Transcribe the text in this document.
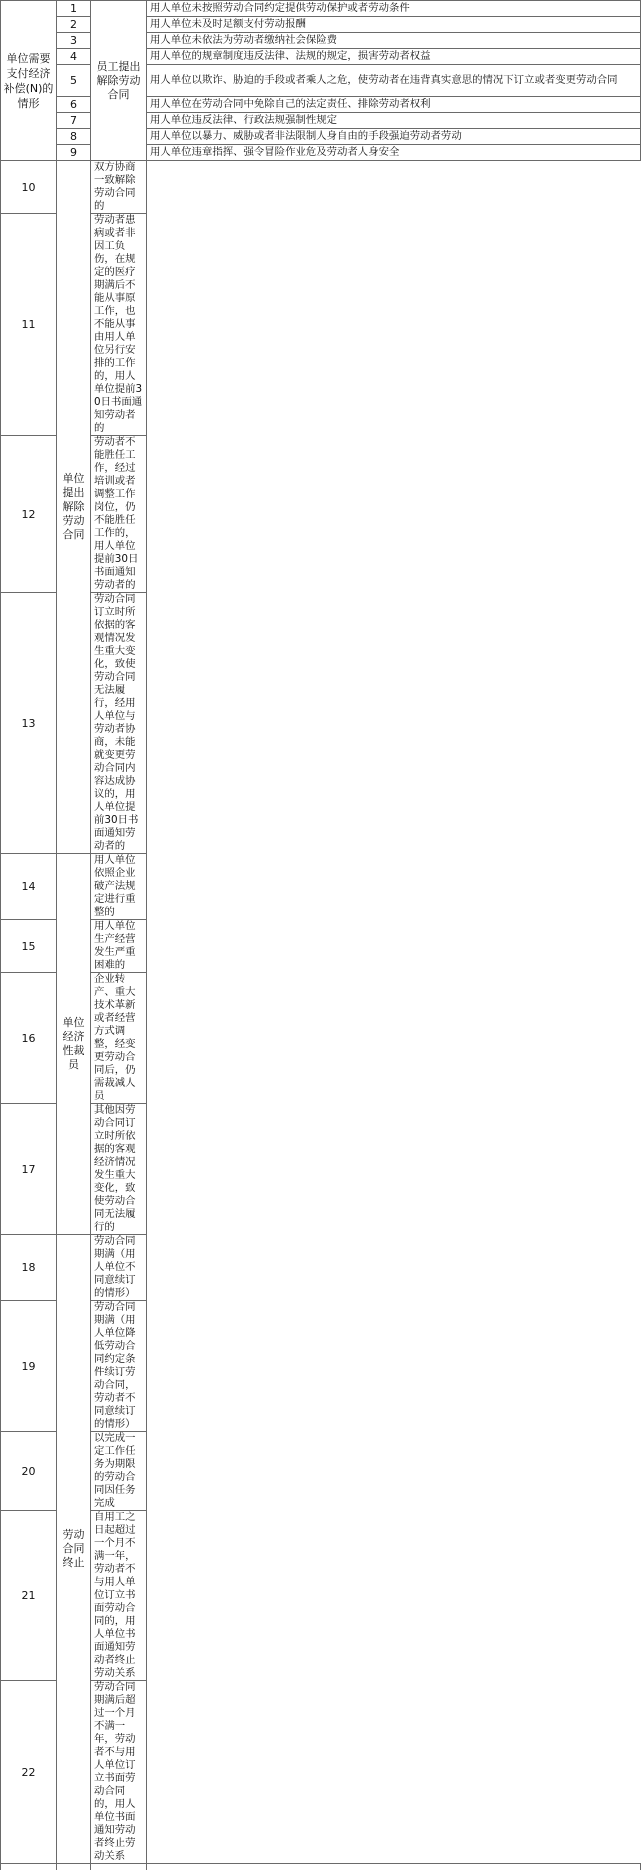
单位需要支付经济补偿(N)的情形	1	员工提出解除劳动合同	用人单位未按照劳动合同约定提供劳动保护或者劳动条件
	2		用人单位未及时足额支付劳动报酬
	3		用人单位未依法为劳动者缴纳社会保险费
	4		用人单位的规章制度违反法律、法规的规定，损害劳动者权益
	5		用人单位以欺诈、胁迫的手段或者乘人之危，使劳动者在违背真实意思的情况下订立或者变更劳动合同
	6		用人单位在劳动合同中免除自己的法定责任、排除劳动者权利
	7		用人单位违反法律、行政法规强制性规定
	8		用人单位以暴力、威胁或者非法限制人身自由的手段强迫劳动者劳动
	9		用人单位违章指挥、强令冒险作业危及劳动者人身安全
10	单位提出解除劳动合同	双方协商一致解除劳动合同的	
11		劳动者患病或者非因工负伤，在规定的医疗期满后不能从事原工作，也不能从事由用人单位另行安排的工作的，用人单位提前30日书面通知劳动者的	
12		劳动者不能胜任工作，经过培训或者调整工作岗位，仍不能胜任工作的，用人单位提前30日书面通知劳动者的	
13		劳动合同订立时所依据的客观情况发生重大变化，致使劳动合同无法履行，经用人单位与劳动者协商，未能就变更劳动合同内容达成协议的，用人单位提前30日书面通知劳动者的	
14	单位经济性裁员	用人单位依照企业破产法规定进行重整的	
15		用人单位生产经营发生严重困难的	
16		企业转产、重大技术革新或者经营方式调整，经变更劳动合同后，仍需裁减人员	
17		其他因劳动合同订立时所依据的客观经济情况发生重大变化，致使劳动合同无法履行的	
18	劳动合同终止	劳动合同期满（用人单位不同意续订的情形）	
19		劳动合同期满（用人单位降低劳动合同约定条件续订劳动合同，劳动者不同意续订的情形）	
20		以完成一定工作任务为期限的劳动合同因任务完成	
21		自用工之日起超过一个月不满一年，劳动者不与用人单位订立书面劳动合同的，用人单位书面通知劳动者终止劳动关系	
22		劳动合同期满后超过一个月不满一年，劳动者不与用人单位订立书面劳动合同的，用人单位书面通知劳动者终止劳动关系	
